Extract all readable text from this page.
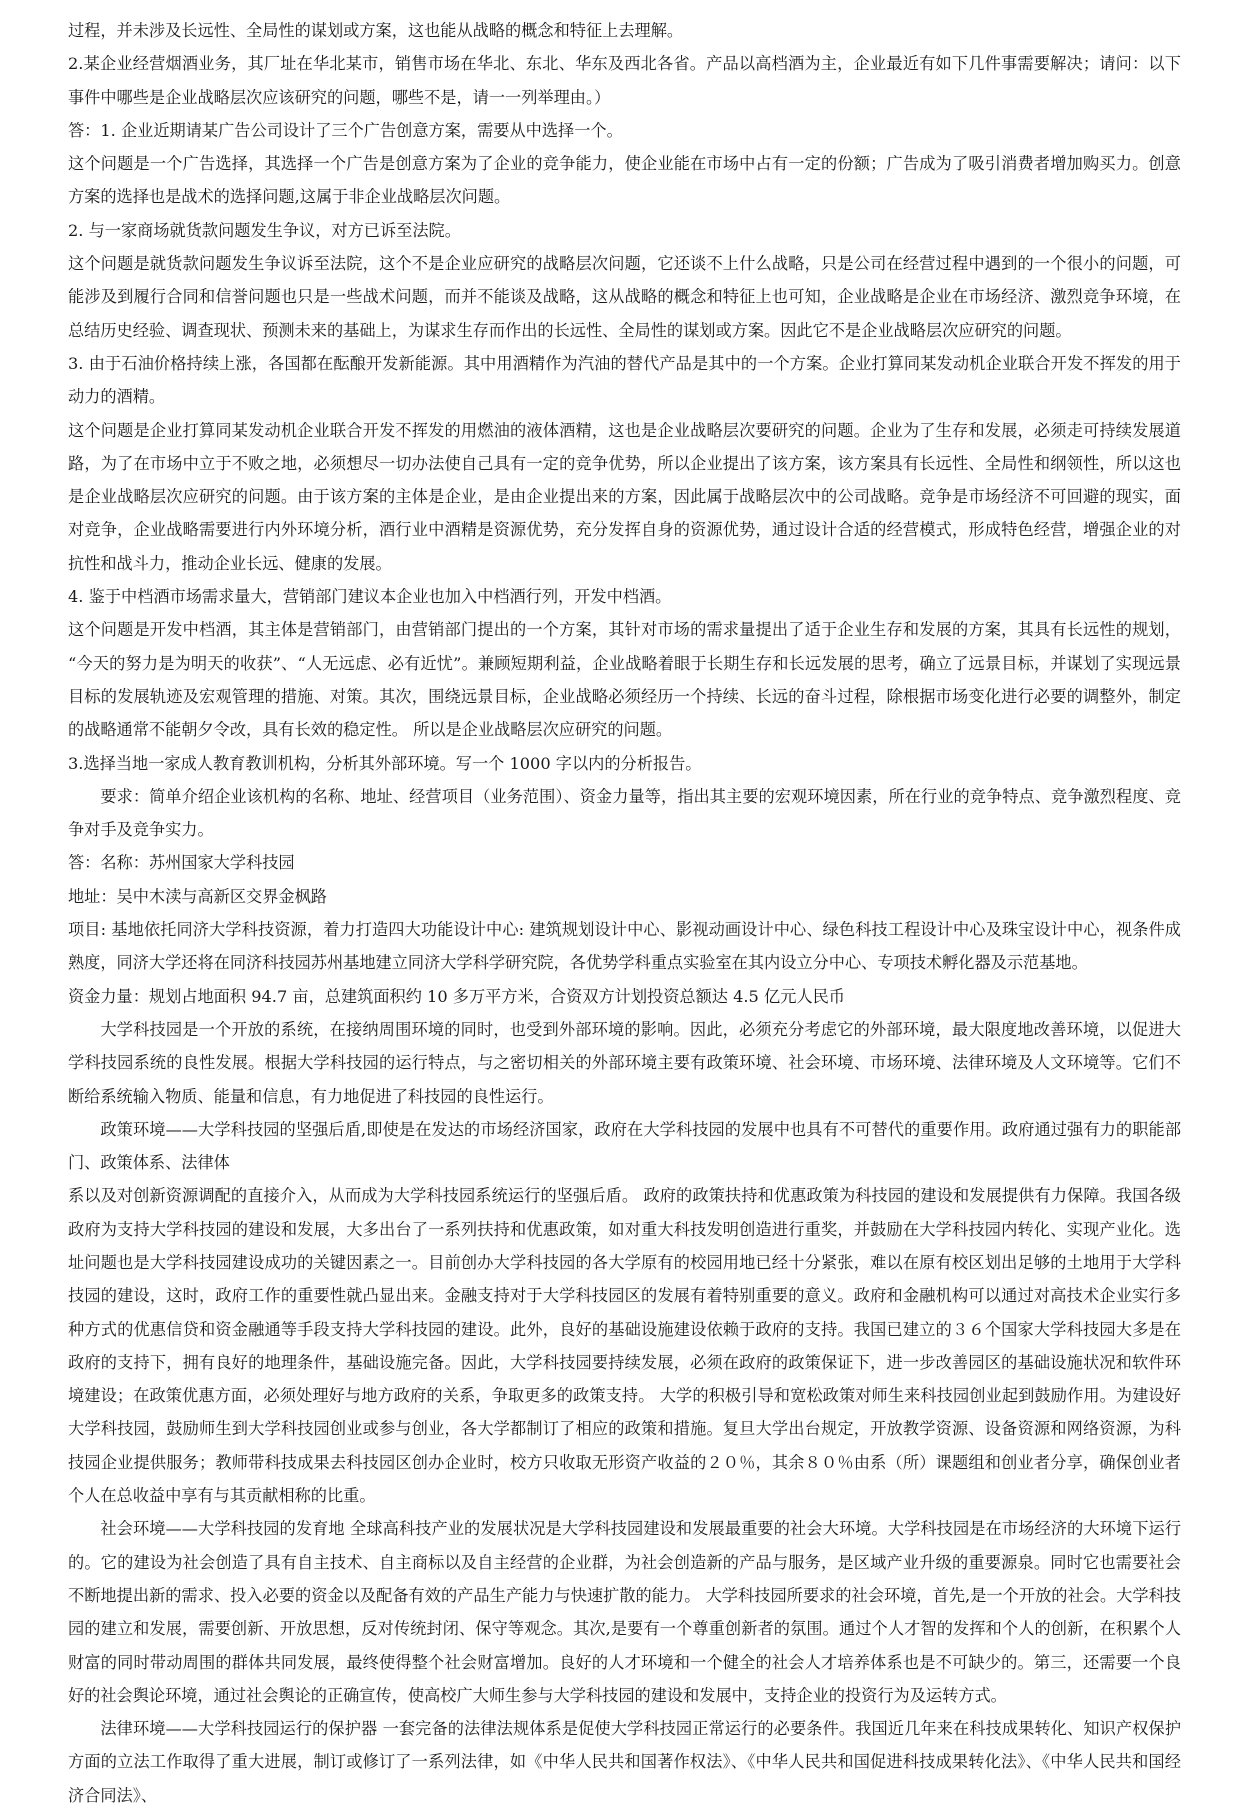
过程，并未涉及长远性、全局性的谋划或方案，这也能从战略的概念和特征上去理解。

2.某企业经营烟酒业务，其厂址在华北某市，销售市场在华北、东北、华东及西北各省。产品以高档酒为主，企业最近有如下几件事需要解决；请问：以下事件中哪些是企业战略层次应该研究的问题，哪些不是，请一一列举理由。）

答：1. 企业近期请某广告公司设计了三个广告创意方案，需要从中选择一个。

这个问题是一个广告选择，其选择一个广告是创意方案为了企业的竞争能力，使企业能在市场中占有一定的份额；广告成为了吸引消费者增加购买力。创意方案的选择也是战术的选择问题,这属于非企业战略层次问题。

2. 与一家商场就货款问题发生争议，对方已诉至法院。

这个问题是就货款问题发生争议诉至法院，这个不是企业应研究的战略层次问题，它还谈不上什么战略，只是公司在经营过程中遇到的一个很小的问题，可能涉及到履行合同和信誉问题也只是一些战术问题，而并不能谈及战略，这从战略的概念和特征上也可知，企业战略是企业在市场经济、激烈竞争环境，在总结历史经验、调查现状、预测未来的基础上，为谋求生存而作出的长远性、全局性的谋划或方案。因此它不是企业战略层次应研究的问题。

3. 由于石油价格持续上涨，各国都在酝酿开发新能源。其中用酒精作为汽油的替代产品是其中的一个方案。企业打算同某发动机企业联合开发不挥发的用于动力的酒精。

这个问题是企业打算同某发动机企业联合开发不挥发的用燃油的液体酒精，这也是企业战略层次要研究的问题。企业为了生存和发展，必须走可持续发展道路，为了在市场中立于不败之地，必须想尽一切办法使自己具有一定的竞争优势，所以企业提出了该方案，该方案具有长远性、全局性和纲领性，所以这也是企业战略层次应研究的问题。由于该方案的主体是企业，是由企业提出来的方案，因此属于战略层次中的公司战略。竞争是市场经济不可回避的现实，面对竞争，企业战略需要进行内外环境分析，酒行业中酒精是资源优势，充分发挥自身的资源优势，通过设计合适的经营模式，形成特色经营，增强企业的对抗性和战斗力，推动企业长远、健康的发展。

4. 鉴于中档酒市场需求量大，营销部门建议本企业也加入中档酒行列，开发中档酒。

这个问题是开发中档酒，其主体是营销部门，由营销部门提出的一个方案，其针对市场的需求量提出了适于企业生存和发展的方案，其具有长远性的规划， “今天的努力是为明天的收获”、“人无远虑、必有近忧”。兼顾短期利益，企业战略着眼于长期生存和长远发展的思考，确立了远景目标，并谋划了实现远景目标的发展轨迹及宏观管理的措施、对策。其次，围绕远景目标，企业战略必须经历一个持续、长远的奋斗过程，除根据市场变化进行必要的调整外，制定的战略通常不能朝夕令改，具有长效的稳定性。 所以是企业战略层次应研究的问题。

3.选择当地一家成人教育教训机构，分析其外部环境。写一个 1000 字以内的分析报告。

要求：简单介绍企业该机构的名称、地址、经营项目（业务范围）、资金力量等，指出其主要的宏观环境因素，所在行业的竞争特点、竞争激烈程度、竞争对手及竞争实力。

答：名称：苏州国家大学科技园

地址：吴中木渎与高新区交界金枫路

项目: 基地依托同济大学科技资源，着力打造四大功能设计中心: 建筑规划设计中心、影视动画设计中心、绿色科技工程设计中心及珠宝设计中心，视条件成熟度，同济大学还将在同济科技园苏州基地建立同济大学科学研究院，各优势学科重点实验室在其内设立分中心、专项技术孵化器及示范基地。

资金力量：规划占地面积 94.7 亩，总建筑面积约 10 多万平方米，合资双方计划投资总额达 4.5 亿元人民币

大学科技园是一个开放的系统，在接纳周围环境的同时，也受到外部环境的影响。因此，必须充分考虑它的外部环境，最大限度地改善环境，以促进大学科技园系统的良性发展。根据大学科技园的运行特点，与之密切相关的外部环境主要有政策环境、社会环境、市场环境、法律环境及人文环境等。它们不断给系统输入物质、能量和信息，有力地促进了科技园的良性运行。

政策环境——大学科技园的坚强后盾,即使是在发达的市场经济国家，政府在大学科技园的发展中也具有不可替代的重要作用。政府通过强有力的职能部门、政策体系、法律体

系以及对创新资源调配的直接介入，从而成为大学科技园系统运行的坚强后盾。 政府的政策扶持和优惠政策为科技园的建设和发展提供有力保障。我国各级政府为支持大学科技园的建设和发展，大多出台了一系列扶持和优惠政策，如对重大科技发明创造进行重奖，并鼓励在大学科技园内转化、实现产业化。选址问题也是大学科技园建设成功的关键因素之一。目前创办大学科技园的各大学原有的校园用地已经十分紧张，难以在原有校区划出足够的土地用于大学科技园的建设，这时，政府工作的重要性就凸显出来。金融支持对于大学科技园区的发展有着特别重要的意义。政府和金融机构可以通过对高技术企业实行多种方式的优惠信贷和资金融通等手段支持大学科技园的建设。此外，良好的基础设施建设依赖于政府的支持。我国已建立的３６个国家大学科技园大多是在政府的支持下，拥有良好的地理条件，基础设施完备。因此，大学科技园要持续发展，必须在政府的政策保证下，进一步改善园区的基础设施状况和软件环境建设；在政策优惠方面，必须处理好与地方政府的关系，争取更多的政策支持。 大学的积极引导和宽松政策对师生来科技园创业起到鼓励作用。为建设好大学科技园，鼓励师生到大学科技园创业或参与创业，各大学都制订了相应的政策和措施。复旦大学出台规定，开放教学资源、设备资源和网络资源，为科技园企业提供服务；教师带科技成果去科技园区创办企业时，校方只收取无形资产收益的２０％，其余８０％由系（所）课题组和创业者分享，确保创业者个人在总收益中享有与其贡献相称的比重。

社会环境——大学科技园的发育地 全球高科技产业的发展状况是大学科技园建设和发展最重要的社会大环境。大学科技园是在市场经济的大环境下运行的。它的建设为社会创造了具有自主技术、自主商标以及自主经营的企业群，为社会创造新的产品与服务，是区域产业升级的重要源泉。同时它也需要社会不断地提出新的需求、投入必要的资金以及配备有效的产品生产能力与快速扩散的能力。 大学科技园所要求的社会环境，首先,是一个开放的社会。大学科技园的建立和发展，需要创新、开放思想，反对传统封闭、保守等观念。其次,是要有一个尊重创新者的氛围。通过个人才智的发挥和个人的创新，在积累个人财富的同时带动周围的群体共同发展，最终使得整个社会财富增加。良好的人才环境和一个健全的社会人才培养体系也是不可缺少的。第三，还需要一个良好的社会舆论环境，通过社会舆论的正确宣传，使高校广大师生参与大学科技园的建设和发展中，支持企业的投资行为及运转方式。

法律环境——大学科技园运行的保护器 一套完备的法律法规体系是促使大学科技园正常运行的必要条件。我国近几年来在科技成果转化、知识产权保护方面的立法工作取得了重大进展，制订或修订了一系列法律，如《中华人民共和国著作权法》、《中华人民共和国促进科技成果转化法》、《中华人民共和国经济合同法》、
